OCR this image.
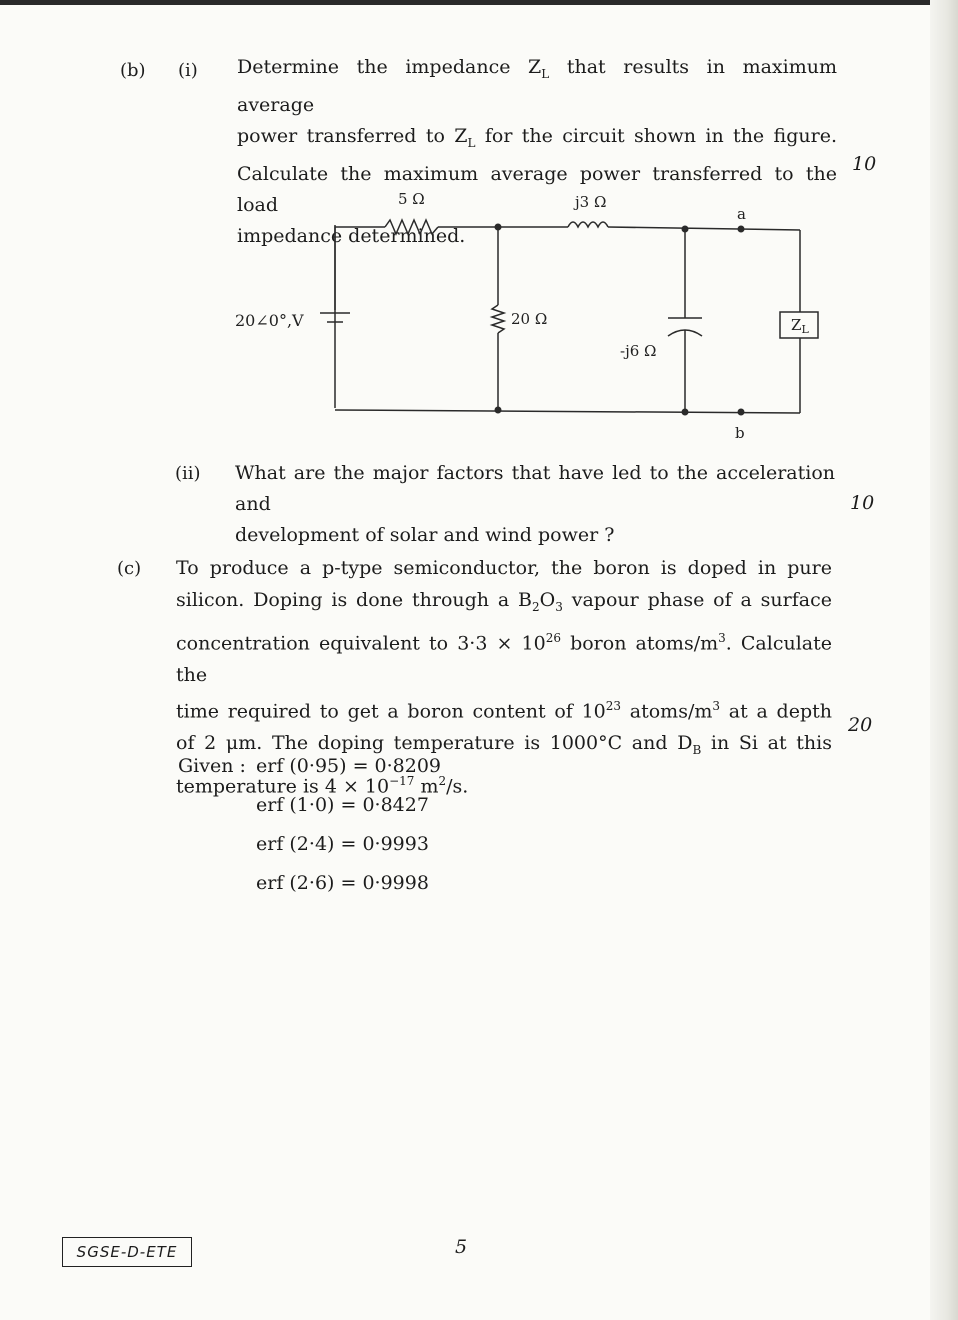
(b) (i) Determine the impedance $Z_L$ that results in maximum average
power transferred to $Z_L$ for the circuit shown in the figure.
Calculate the maximum average power transferred to the load
impedance determined.
10
5 Ω	j3 Ω
a
20∠0°,V	20 Ω
-j6 Ω
$Z_L$
b
(ii) What are the major factors that have led to the acceleration and
development of solar and wind power ?
10
(c) To produce a p-type semiconductor, the boron is doped in pure
silicon. Doping is done through a $B_2O_3$ vapour phase of a surface
concentration equivalent to $3\cdot 3 \times 10^{26}$ boron atoms/$m^3$. Calculate the
time required to get a boron content of $10^{23}$ atoms/$m^3$ at a depth
of 2 μm. The doping temperature is 1000°C and $D_B$ in Si at this
temperature is $4 \times 10^{-17}$ $m^2/s$.
20
Given : erf (0·95) = 0·8209
erf (1·0) = 0·8427
erf (2·4) = 0·9993
erf (2·6) = 0·9998
SGSE-D-ETE	5
